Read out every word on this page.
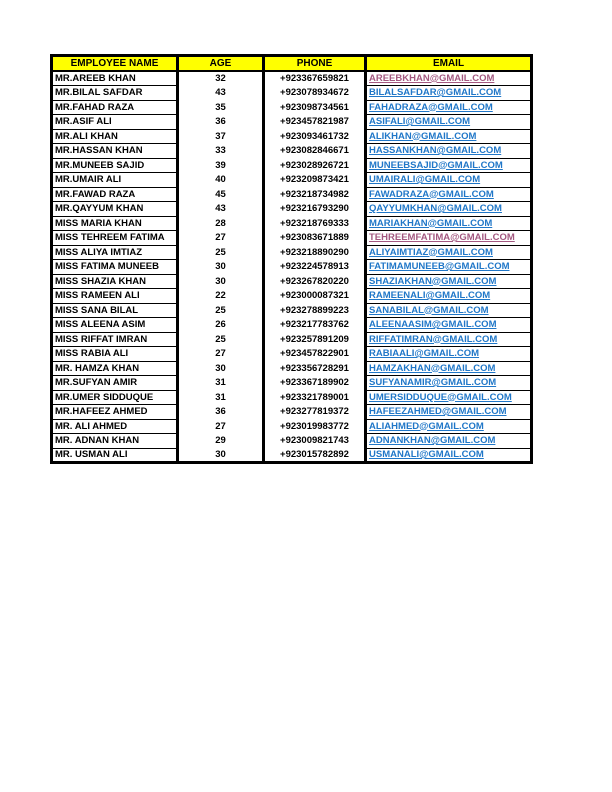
EMPLOYEE NAME	AGE	PHONE	EMAIL
MR.AREEB KHAN	32	+923367659821	AREEBKHAN@GMAIL.COM
MR.BILAL SAFDAR	43	+923078934672	BILALSAFDAR@GMAIL.COM
MR.FAHAD RAZA	35	+923098734561	FAHADRAZA@GMAIL.COM
MR.ASIF ALI	36	+923457821987	ASIFALI@GMAIL.COM
MR.ALI KHAN	37	+923093461732	ALIKHAN@GMAIL.COM
MR.HASSAN KHAN	33	+923082846671	HASSANKHAN@GMAIL.COM
MR.MUNEEB SAJID	39	+923028926721	MUNEEBSAJID@GMAIL.COM
MR.UMAIR ALI	40	+923209873421	UMAIRALI@GMAIL.COM
MR.FAWAD RAZA	45	+923218734982	FAWADRAZA@GMAIL.COM
MR.QAYYUM KHAN	43	+923216793290	QAYYUMKHAN@GMAIL.COM
MISS MARIA KHAN	28	+923218769333	MARIAKHAN@GMAIL.COM
MISS TEHREEM FATIMA	27	+923083671889	TEHREEMFATIMA@GMAIL.COM
MISS ALIYA IMTIAZ	25	+923218890290	ALIYAIMTIAZ@GMAIL.COM
MISS FATIMA MUNEEB	30	+923224578913	FATIMAMUNEEB@GMAIL.COM
MISS SHAZIA KHAN	30	+923267820220	SHAZIAKHAN@GMAIL.COM
MISS RAMEEN ALI	22	+923000087321	RAMEENALI@GMAIL.COM
MISS SANA BILAL	25	+923278899223	SANABILAL@GMAIL.COM
MISS ALEENA ASIM	26	+923217783762	ALEENAASIM@GMAIL.COM
MISS RIFFAT IMRAN	25	+923257891209	RIFFATIMRAN@GMAIL.COM
MISS RABIA ALI	27	+923457822901	RABIAALI@GMAIL.COM
MR. HAMZA KHAN	30	+923356728291	HAMZAKHAN@GMAIL.COM
MR.SUFYAN AMIR	31	+923367189902	SUFYANAMIR@GMAIL.COM
MR.UMER SIDDUQUE	31	+923321789001	UMERSIDDUQUE@GMAIL.COM
MR.HAFEEZ AHMED	36	+923277819372	HAFEEZAHMED@GMAIL.COM
MR. ALI AHMED	27	+923019983772	ALIAHMED@GMAIL.COM
MR. ADNAN KHAN	29	+923009821743	ADNANKHAN@GMAIL.COM
MR. USMAN ALI	30	+923015782892	USMANALI@GMAIL.COM
